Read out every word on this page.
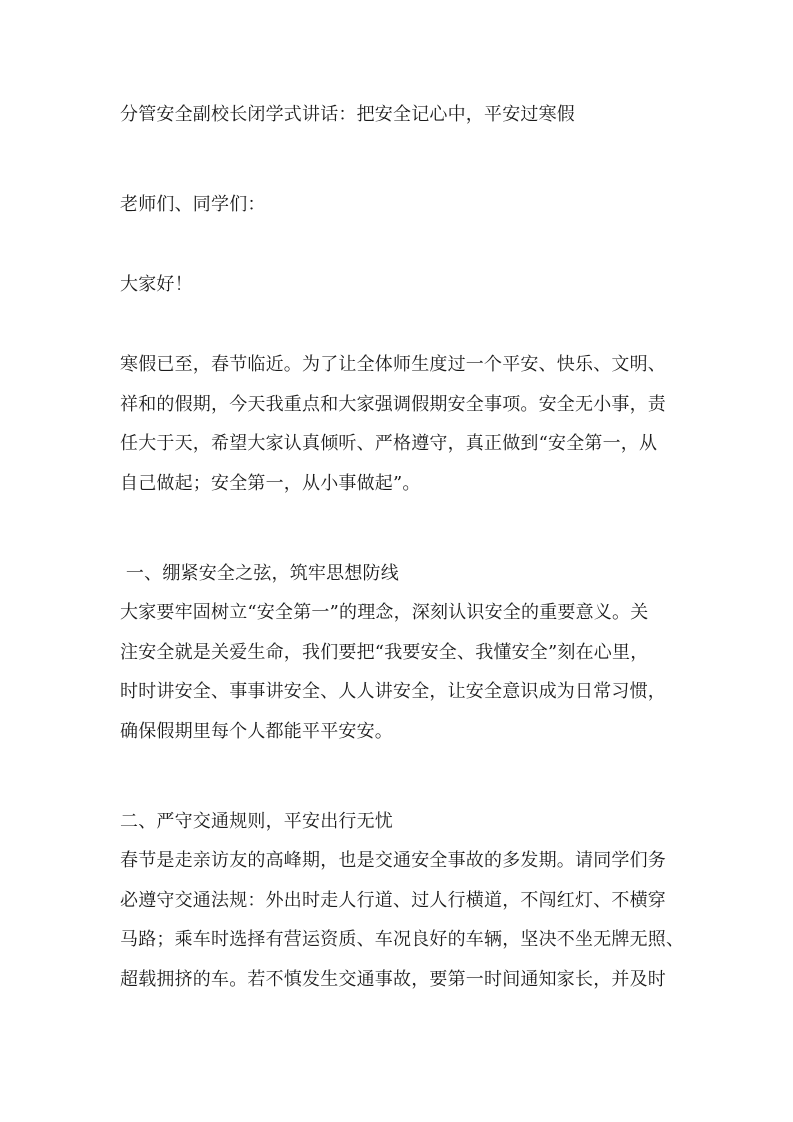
分管安全副校长闭学式讲话：把安全记心中，平安过寒假
老师们、同学们：
大家好！
寒假已至，春节临近。为了让全体师生度过一个平安、快乐、文明、
祥和的假期，今天我重点和大家强调假期安全事项。安全无小事，责
任大于天，希望大家认真倾听、严格遵守，真正做到“安全第一，从
自己做起；安全第一，从小事做起”。
一、绷紧安全之弦，筑牢思想防线
大家要牢固树立“安全第一”的理念，深刻认识安全的重要意义。关
注安全就是关爱生命，我们要把“我要安全、我懂安全”刻在心里，
时时讲安全、事事讲安全、人人讲安全，让安全意识成为日常习惯，
确保假期里每个人都能平平安安。
二、严守交通规则，平安出行无忧
春节是走亲访友的高峰期，也是交通安全事故的多发期。请同学们务
必遵守交通法规：外出时走人行道、过人行横道，不闯红灯、不横穿
马路；乘车时选择有营运资质、车况良好的车辆，坚决不坐无牌无照、
超载拥挤的车。若不慎发生交通事故，要第一时间通知家长，并及时
